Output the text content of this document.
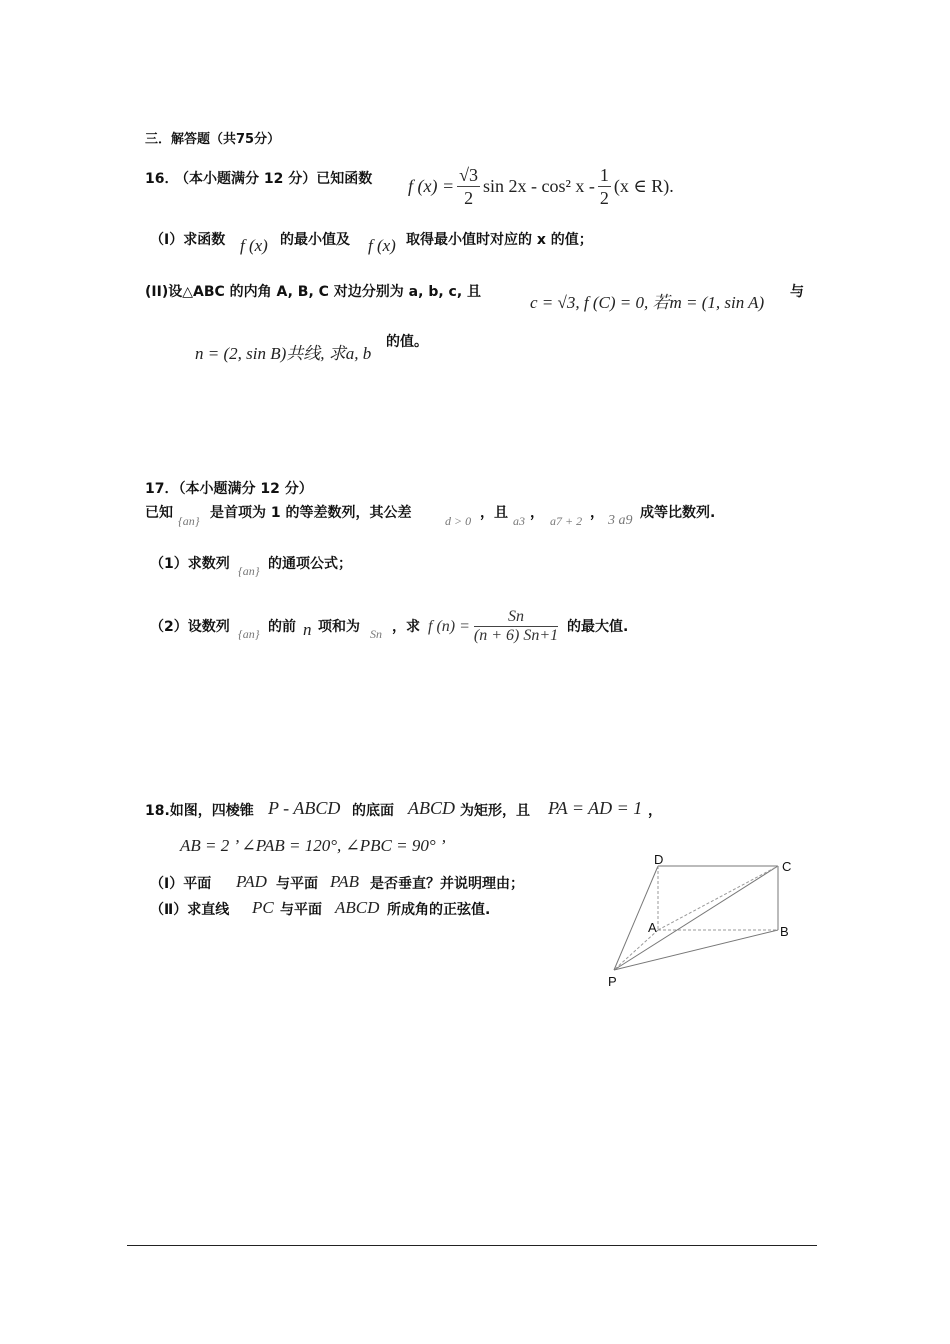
三．解答题（共75分）
16．
（本小题满分 12 分）已知函数 f $(x) = \frac{√3}{2}$ sin 2x - cos² x - $\frac{1}{2} (x$ ∈ R).
（I）求函数 f (x) 的最小值及 f (x) 取得最小值时对应的 x 的值；
(II)设△ABC 的内角 A, B, C 对边分别为 a, b, c, 且
c = √3, f (C) = 0, 若m = (1, sin A)
与
n = (2, sin B)共线, 求a, b
的值。
17．（本小题满分 12 分）
已知 {an} 是首项为 1 的等差数列，其公差	d > 0 ，且 a3 ， a7 + 2 ， 3 a9 成等比数列.
（1）求数列 {an} 的通项公式；
（2）设数列 {an} 的前 n 项和为 Sn ，求 f $(n) = \frac{Sn}{(n + 6) Sn+1}$ 的最大值.
18.如图，四棱锥 P - ABCD 的底面 ABCD 为矩形，且 PA = AD = 1 ，
AB = 2 ’ ∠PAB = 120°, ∠PBC = 90° ’
（Ⅰ）平面 PAD 与平面 PAB 是否垂直？并说明理由；
（Ⅱ）求直线 PC 与平面 ABCD 所成角的正弦值.
D	C
A	B
P
